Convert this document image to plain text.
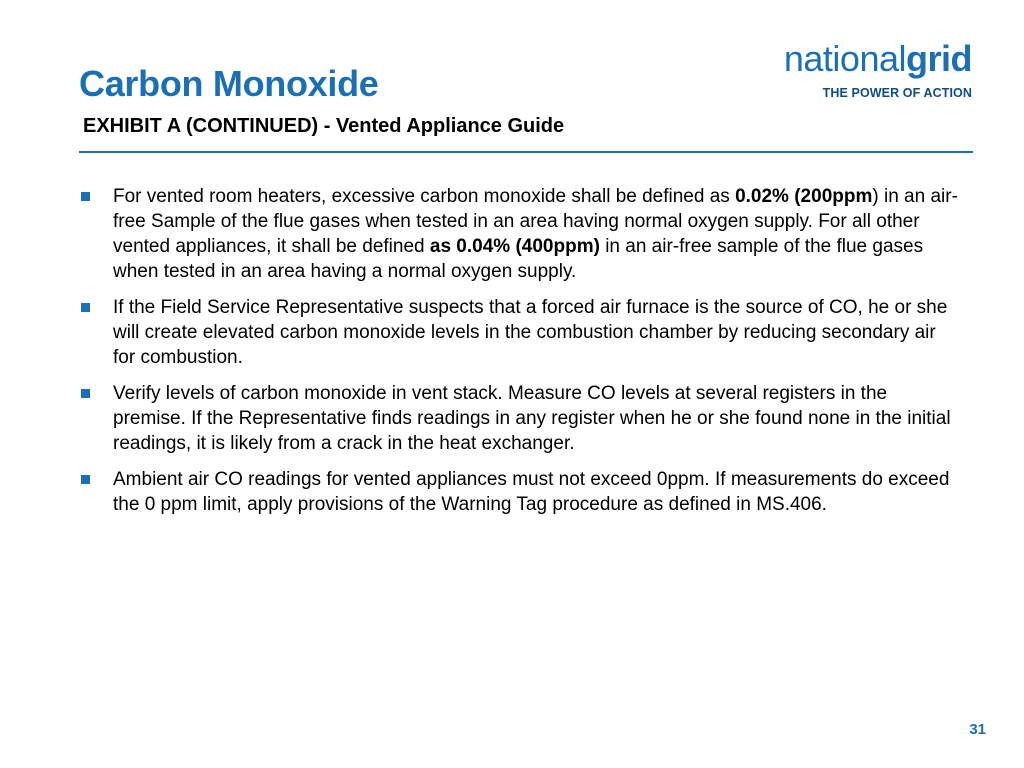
Carbon Monoxide
EXHIBIT A (CONTINUED) - Vented Appliance Guide
nationalgrid
THE POWER OF ACTION
For vented room heaters, excessive carbon monoxide shall be defined as 0.02% (200ppm) in an air-free Sample of the flue gases when tested in an area having normal oxygen supply. For all other vented appliances, it shall be defined as 0.04% (400ppm) in an air-free sample of the flue gases when tested in an area having a normal oxygen supply.
If the Field Service Representative suspects that a forced air furnace is the source of CO, he or she will create elevated carbon monoxide levels in the combustion chamber by reducing secondary air for combustion.
Verify levels of carbon monoxide in vent stack. Measure CO levels at several registers in the premise. If the Representative finds readings in any register when he or she found none in the initial readings, it is likely from a crack in the heat exchanger.
Ambient air CO readings for vented appliances must not exceed 0ppm. If measurements do exceed the 0 ppm limit, apply provisions of the Warning Tag procedure as defined in MS.406.
31
